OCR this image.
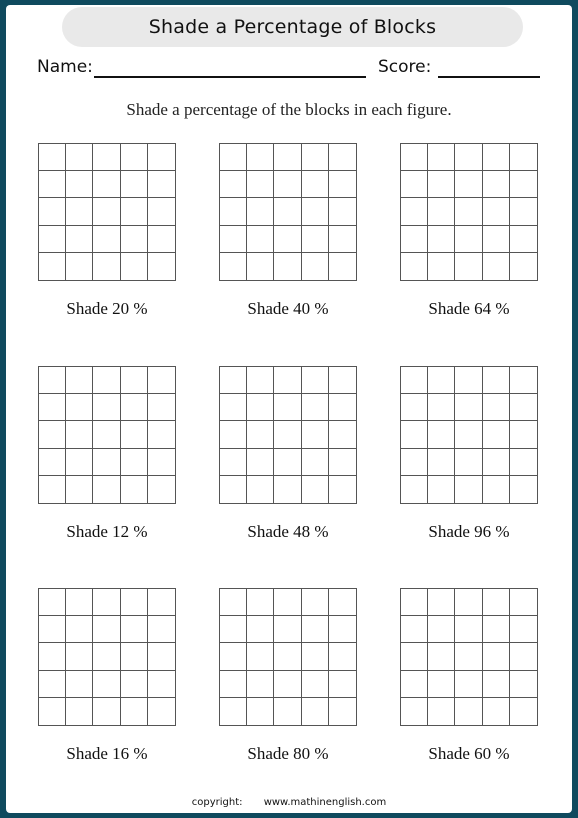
Shade a Percentage of Blocks
Name:	Score:
Shade a percentage of the blocks in each figure.
Shade 20 %	Shade 40 %	Shade 64 %
Shade 12 %	Shade 48 %	Shade 96 %
Shade 16 %	Shade 80 %	Shade 60 %
copyright: www.mathinenglish.com
